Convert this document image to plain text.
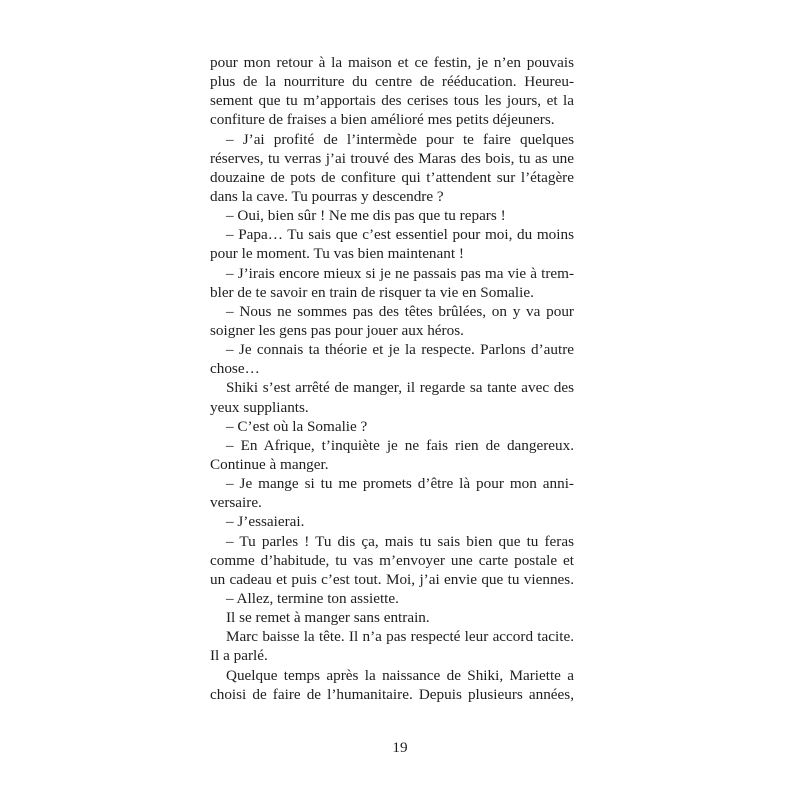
pour mon retour à la maison et ce festin, je n’en pouvais
plus de la nourriture du centre de rééducation. Heureu-
sement que tu m’apportais des cerises tous les jours, et la
confiture de fraises a bien amélioré mes petits déjeuners.
– J’ai profité de l’intermède pour te faire quelques
réserves, tu verras j’ai trouvé des Maras des bois, tu as une
douzaine de pots de confiture qui t’attendent sur l’étagère
dans la cave. Tu pourras y descendre ?
– Oui, bien sûr ! Ne me dis pas que tu repars !
– Papa… Tu sais que c’est essentiel pour moi, du moins
pour le moment. Tu vas bien maintenant !
– J’irais encore mieux si je ne passais pas ma vie à trem-
bler de te savoir en train de risquer ta vie en Somalie.
– Nous ne sommes pas des têtes brûlées, on y va pour
soigner les gens pas pour jouer aux héros.
– Je connais ta théorie et je la respecte. Parlons d’autre
chose…
Shiki s’est arrêté de manger, il regarde sa tante avec des
yeux suppliants.
– C’est où la Somalie ?
– En Afrique, t’inquiète je ne fais rien de dangereux.
Continue à manger.
– Je mange si tu me promets d’être là pour mon anni-
versaire.
– J’essaierai.
– Tu parles ! Tu dis ça, mais tu sais bien que tu feras
comme d’habitude, tu vas m’envoyer une carte postale et
un cadeau et puis c’est tout. Moi, j’ai envie que tu viennes.
– Allez, termine ton assiette.
Il se remet à manger sans entrain.
Marc baisse la tête. Il n’a pas respecté leur accord tacite.
Il a parlé.
Quelque temps après la naissance de Shiki, Mariette a
choisi de faire de l’humanitaire. Depuis plusieurs années,
19
